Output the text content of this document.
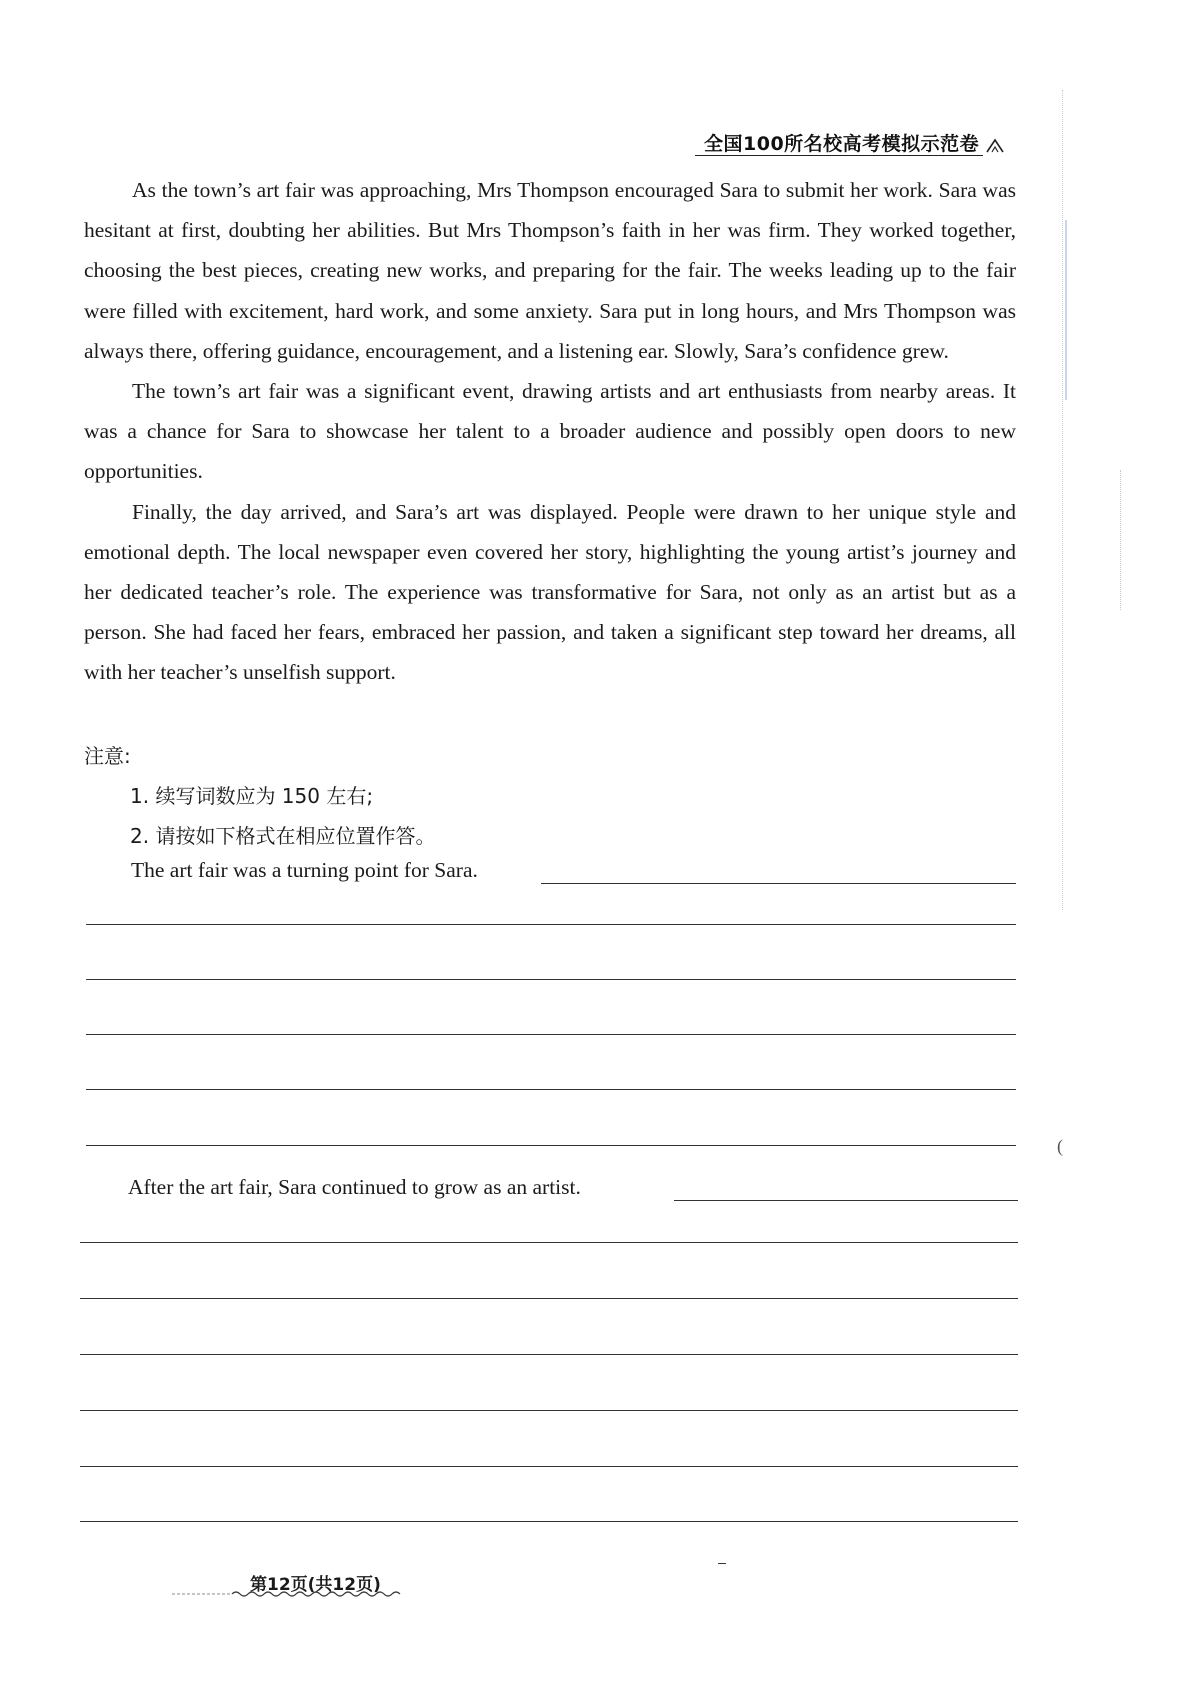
全国100所名校高考模拟示范卷

As the town’s art fair was approaching, Mrs Thompson encouraged Sara to submit her work. Sara was hesitant at first, doubting her abilities. But Mrs Thompson’s faith in her was firm. They worked together, choosing the best pieces, creating new works, and preparing for the fair. The weeks leading up to the fair were filled with excitement, hard work, and some anxiety. Sara put in long hours, and Mrs Thompson was always there, offering guidance, encouragement, and a listening ear. Slowly, Sara’s confidence grew.

The town’s art fair was a significant event, drawing artists and art enthusiasts from nearby areas. It was a chance for Sara to showcase her talent to a broader audience and possibly open doors to new opportunities.

Finally, the day arrived, and Sara’s art was displayed. People were drawn to her unique style and emotional depth. The local newspaper even covered her story, highlighting the young artist’s journey and her dedicated teacher’s role. The experience was transformative for Sara, not only as an artist but as a person. She had faced her fears, embraced her passion, and taken a significant step toward her dreams, all with her teacher’s unselfish support.

注意:
1. 续写词数应为 150 左右;
2. 请按如下格式在相应位置作答。
The art fair was a turning point for Sara.
(
After the art fair, Sara continued to grow as an artist.
第12页(共12页)
